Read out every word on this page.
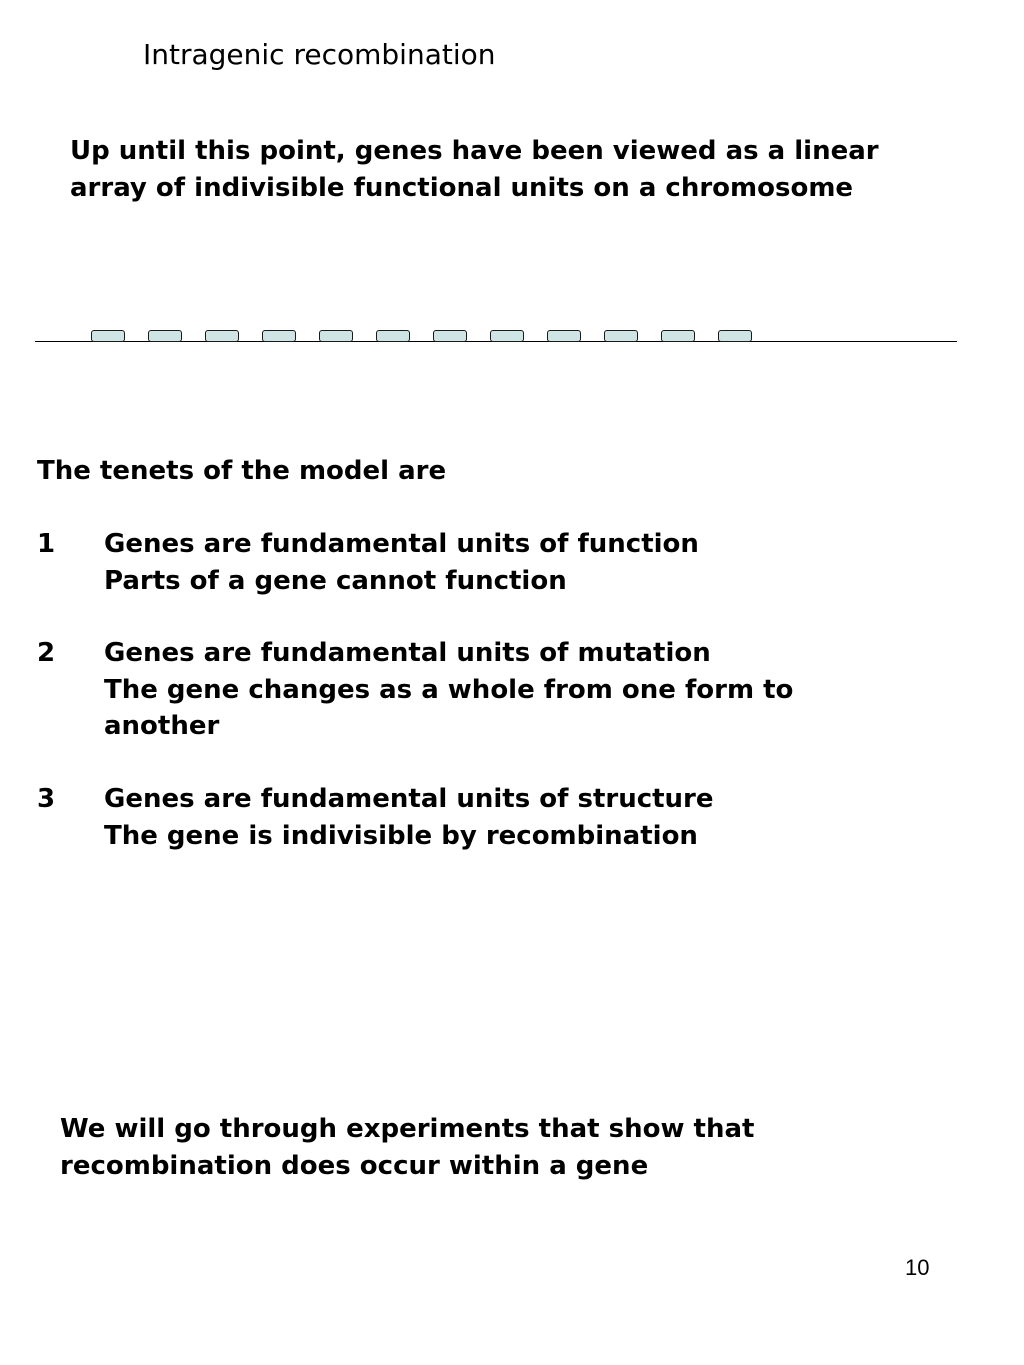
Intragenic recombination
Up until this point, genes have been viewed as a linear
array of indivisible functional units on a chromosome
The tenets of the model are
1 Genes are fundamental units of function
Parts of a gene cannot function
2 Genes are fundamental units of mutation
The gene changes as a whole from one form to
another
3 Genes are fundamental units of structure
The gene is indivisible by recombination
We will go through experiments that show that
recombination does occur within a gene
10
